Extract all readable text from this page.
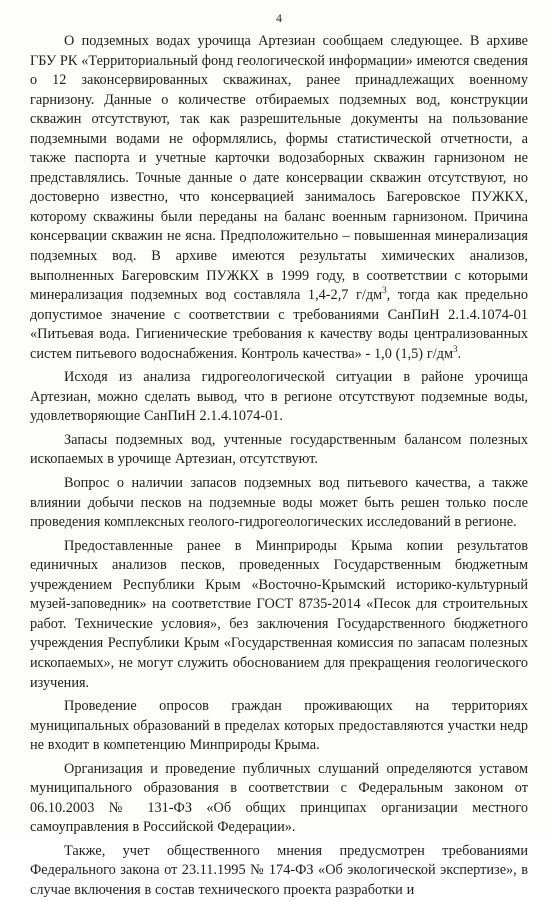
4

О подземных водах урочища Артезиан сообщаем следующее. В архиве ГБУ РК «Территориальный фонд геологической информации» имеются сведения о 12 законсервированных скважинах, ранее принадлежащих военному гарнизону. Данные о количестве отбираемых подземных вод, конструкции скважин отсутствуют, так как разрешительные документы на пользование подземными водами не оформлялись, формы статистической отчетности, а также паспорта и учетные карточки водозаборных скважин гарнизоном не представлялись. Точные данные о дате консервации скважин отсутствуют, но достоверно известно, что консервацией занималось Багеровское ПУЖКХ, которому скважины были переданы на баланс военным гарнизоном. Причина консервации скважин не ясна. Предположительно – повышенная минерализация подземных вод. В архиве имеются результаты химических анализов, выполненных Багеровским ПУЖКХ в 1999 году, в соответствии с которыми минерализация подземных вод составляла 1,4-2,7 $г/дм^3$, тогда как предельно допустимое значение с соответствии с требованиями СанПиН 2.1.4.1074-01 «Питьевая вода. Гигиенические требования к качеству воды централизованных систем питьевого водоснабжения. Контроль качества» - 1,0 (1,5) $г/дм^3$.

Исходя из анализа гидрогеологической ситуации в районе урочища Артезиан, можно сделать вывод, что в регионе отсутствуют подземные воды, удовлетворяющие СанПиН 2.1.4.1074-01.

Запасы подземных вод, учтенные государственным балансом полезных ископаемых в урочище Артезиан, отсутствуют.

Вопрос о наличии запасов подземных вод питьевого качества, а также влиянии добычи песков на подземные воды может быть решен только после проведения комплексных геолого-гидрогеологических исследований в регионе.

Предоставленные ранее в Минприроды Крыма копии результатов единичных анализов песков, проведенных Государственным бюджетным учреждением Республики Крым «Восточно-Крымский историко-культурный музей-заповедник» на соответствие ГОСТ 8735-2014 «Песок для строительных работ. Технические условия», без заключения Государственного бюджетного учреждения Республики Крым «Государственная комиссия по запасам полезных ископаемых», не могут служить обоснованием для прекращения геологического изучения.

Проведение опросов граждан проживающих на территориях муниципальных образований в пределах которых предоставляются участки недр не входит в компетенцию Минприроды Крыма.

Организация и проведение публичных слушаний определяются уставом муниципального образования в соответствии с Федеральным законом от 06.10.2003 № 131-ФЗ «Об общих принципах организации местного самоуправления в Российской Федерации».

Также, учет общественного мнения предусмотрен требованиями Федерального закона от 23.11.1995 № 174-ФЗ «Об экологической экспертизе», в случае включения в состав технического проекта разработки и
